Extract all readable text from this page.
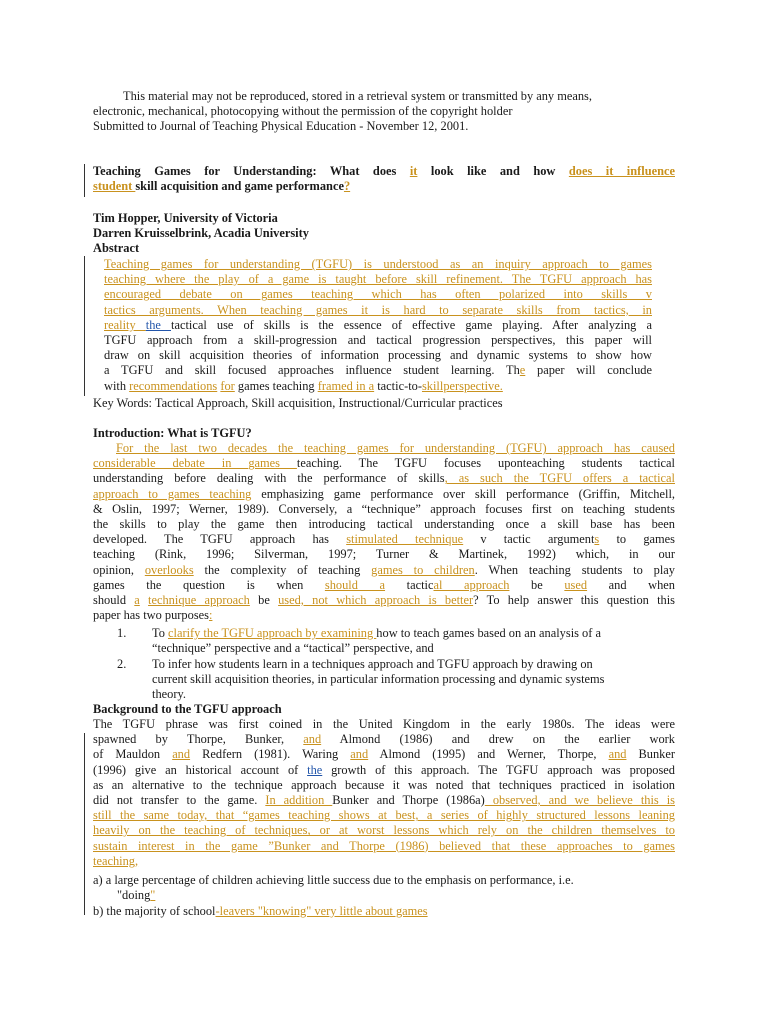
This material may not be reproduced, stored in a retrieval system or transmitted by any means,
electronic, mechanical, photocopying without the permission of the copyright holder
Submitted to Journal of Teaching Physical Education - November 12, 2001.
Teaching Games for Understanding: What does it look like and how does it influence
student skill acquisition and game performance?
Tim Hopper, University of Victoria
Darren Kruisselbrink, Acadia University
Abstract
Teaching games for understanding (TGFU) is understood as an inquiry approach to games
teaching where the play of a game is taught before skill refinement. The TGFU approach has
encouraged debate on games teaching which has often polarized into skills v
tactics arguments. When teaching games it is hard to separate skills from tactics, in
reality the tactical use of skills is the essence of effective game playing. After analyzing a
TGFU approach from a skill-progression and tactical progression perspectives, this paper will
draw on skill acquisition theories of information processing and dynamic systems to show how
a TGFU and skill focused approaches influence student learning. The paper will conclude
with recommendations for games teaching framed in a tactic-to-skillperspective.
Key Words: Tactical Approach, Skill acquisition, Instructional/Curricular practices
Introduction: What is TGFU?
For the last two decades the teaching games for understanding (TGFU) approach has caused
considerable debate in games teaching. The TGFU focuses uponteaching students tactical
understanding before dealing with the performance of skills, as such the TGFU offers a tactical
approach to games teaching emphasizing game performance over skill performance (Griffin, Mitchell,
& Oslin, 1997; Werner, 1989). Conversely, a “technique” approach focuses first on teaching students
the skills to play the game then introducing tactical understanding once a skill base has been
developed. The TGFU approach has stimulated technique v tactic arguments to games
teaching (Rink, 1996; Silverman, 1997; Turner & Martinek, 1992) which, in our
opinion, overlooks the complexity of teaching games to children. When teaching students to play
games the question is when should a tactical approach be used and when
should a technique approach be used, not which approach is better? To help answer this question this
paper has two purposes:
1. To clarify the TGFU approach by examining how to teach games based on an analysis of a
“technique” perspective and a “tactical” perspective, and
2. To infer how students learn in a techniques approach and TGFU approach by drawing on
current skill acquisition theories, in particular information processing and dynamic systems
theory.
Background to the TGFU approach
The TGFU phrase was first coined in the United Kingdom in the early 1980s. The ideas were
spawned by Thorpe, Bunker, and Almond (1986) and drew on the earlier work
of Mauldon and Redfern (1981). Waring and Almond (1995) and Werner, Thorpe, and Bunker
(1996) give an historical account of the growth of this approach. The TGFU approach was proposed
as an alternative to the technique approach because it was noted that techniques practiced in isolation
did not transfer to the game. In addition Bunker and Thorpe (1986a) observed, and we believe this is
still the same today, that “games teaching shows at best, a series of highly structured lessons leaning
heavily on the teaching of techniques, or at worst lessons which rely on the children themselves to
sustain interest in the game ”Bunker and Thorpe (1986) believed that these approaches to games
teaching,
a) a large percentage of children achieving little success due to the emphasis on performance, i.e.
"doing"
b) the majority of school-leavers "knowing" very little about games
